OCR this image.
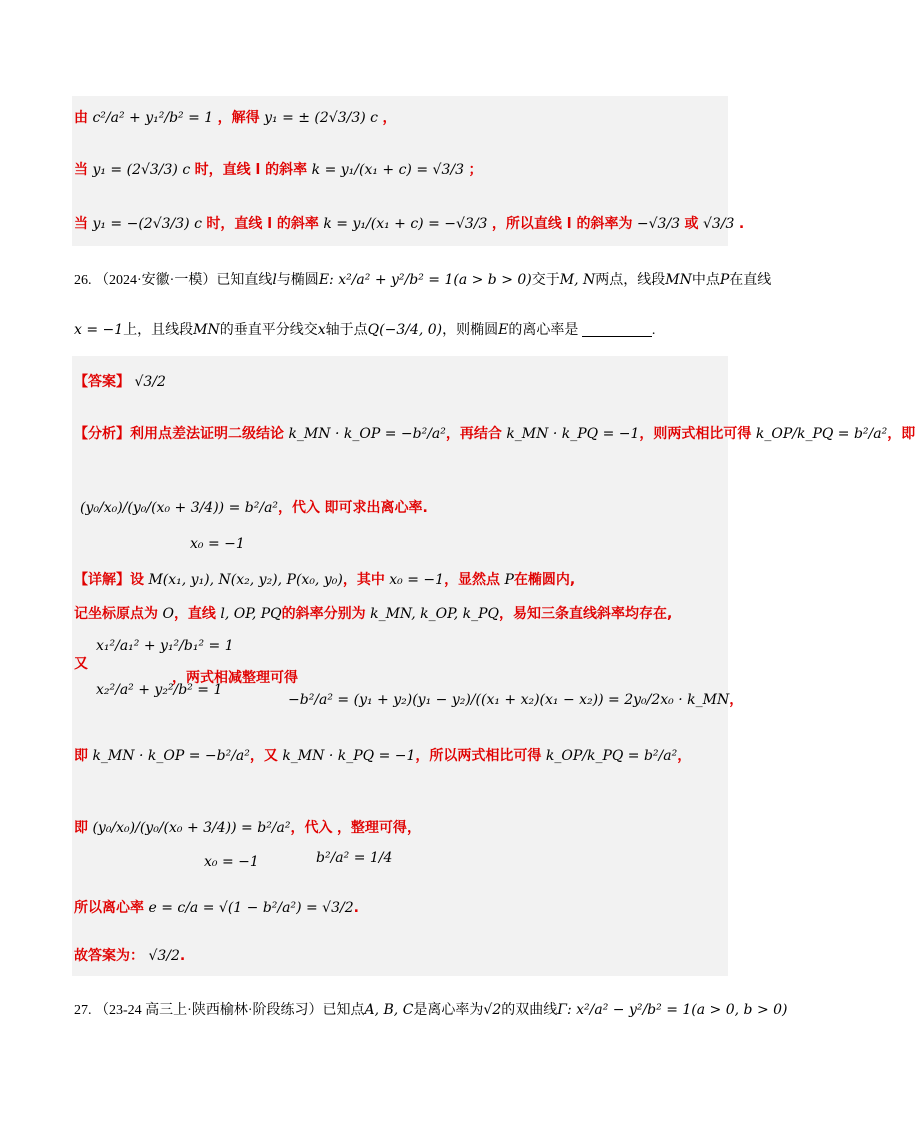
由 c²/a² + y₁²/b² = 1 ，解得 y₁ = ± (2√3/3) c ，
当 y₁ = (2√3/3) c 时，直线 l 的斜率 k = y₁/(x₁ + c) = √3/3 ；
当 y₁ = −(2√3/3) c 时，直线 l 的斜率 k = y₁/(x₁ + c) = −√3/3 ，所以直线 l 的斜率为 −√3/3 或 √3/3 .
26. （2024·安徽·一模）已知直线l与椭圆E: x²/a² + y²/b² = 1(a > b > 0)交于M, N两点，线段MN中点P在直线
x = −1上，且线段MN的垂直平分线交x轴于点Q(−3/4, 0)，则椭圆E的离心率是	.
【答案】 √3/2
【分析】利用点差法证明二级结论 k_MN · k_OP = −b²/a²，再结合 k_MN · k_PQ = −1，则两式相比可得 k_OP/k_PQ = b²/a²，即
(y₀/x₀)/(y₀/(x₀ + 3/4)) = b²/a²，代入 即可求出离心率.
x₀ = −1
【详解】设 M(x₁, y₁), N(x₂, y₂), P(x₀, y₀)，其中 x₀ = −1，显然点 P在椭圆内,
记坐标原点为 O，直线 l, OP, PQ的斜率分别为 k_MN, k_OP, k_PQ，易知三条直线斜率均存在,
又
x₁²/a₁² + y₁²/b₁² = 1
x₂²/a² + y₂²/b² = 1
，两式相减整理可得
−b²/a² = (y₁ + y₂)(y₁ − y₂)/((x₁ + x₂)(x₁ − x₂)) = 2y₀/2x₀ · k_MN，
即 k_MN · k_OP = −b²/a²，又 k_MN · k_PQ = −1，所以两式相比可得 k_OP/k_PQ = b²/a²，
即 (y₀/x₀)/(y₀/(x₀ + 3/4)) = b²/a²，代入 ，整理可得，
x₀ = −1	b²/a² = 1/4
所以离心率 e = c/a = √(1 − b²/a²) = √3/2.
故答案为： √3/2.
27. （23-24 高三上·陕西榆林·阶段练习）已知点A, B, C是离心率为√2的双曲线Γ: x²/a² − y²/b² = 1(a > 0, b > 0)
